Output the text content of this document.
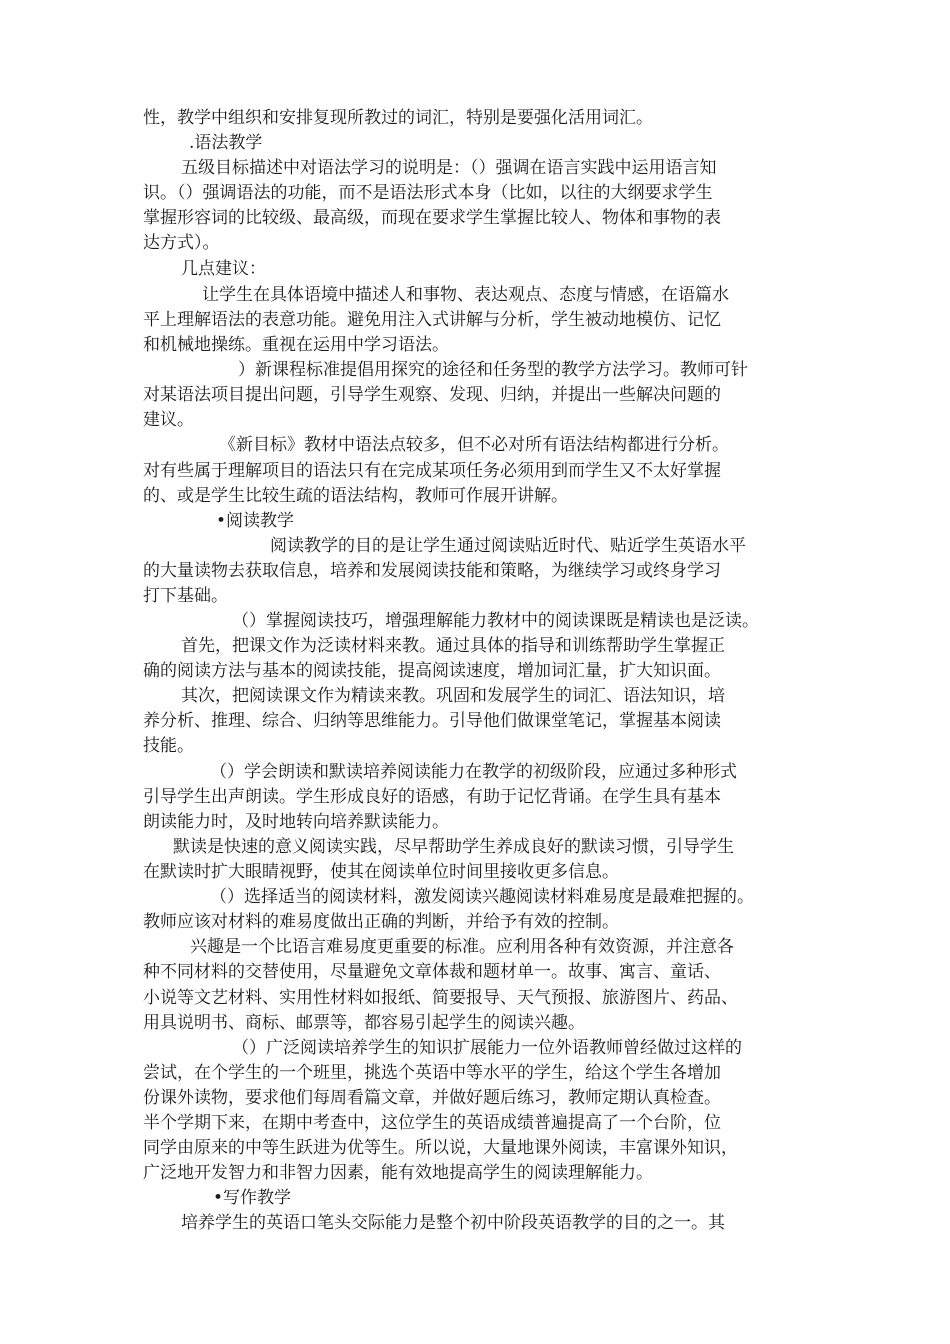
性，教学中组织和安排复现所教过的词汇，特别是要强化活用词汇。
.语法教学
五级目标描述中对语法学习的说明是：（）强调在语言实践中运用语言知
识。（）强调语法的功能，而不是语法形式本身（比如，以往的大纲要求学生
掌握形容词的比较级、最高级，而现在要求学生掌握比较人、物体和事物的表
达方式）。
几点建议：
让学生在具体语境中描述人和事物、表达观点、态度与情感，在语篇水
平上理解语法的表意功能。避免用注入式讲解与分析，学生被动地模仿、记忆
和机械地操练。重视在运用中学习语法。
）新课程标准提倡用探究的途径和任务型的教学方法学习。教师可针
对某语法项目提出问题，引导学生观察、发现、归纳，并提出一些解决问题的
建议。
《新目标》教材中语法点较多，但不必对所有语法结构都进行分析。
对有些属于理解项目的语法只有在完成某项任务必须用到而学生又不太好掌握
的、或是学生比较生疏的语法结构，教师可作展开讲解。
•阅读教学
阅读教学的目的是让学生通过阅读贴近时代、贴近学生英语水平
的大量读物去获取信息，培养和发展阅读技能和策略，为继续学习或终身学习
打下基础。
（）掌握阅读技巧，增强理解能力教材中的阅读课既是精读也是泛读。
首先，把课文作为泛读材料来教。通过具体的指导和训练帮助学生掌握正
确的阅读方法与基本的阅读技能，提高阅读速度，增加词汇量，扩大知识面。
其次，把阅读课文作为精读来教。巩固和发展学生的词汇、语法知识，培
养分析、推理、综合、归纳等思维能力。引导他们做课堂笔记，掌握基本阅读
技能。
（）学会朗读和默读培养阅读能力在教学的初级阶段，应通过多种形式
引导学生出声朗读。学生形成良好的语感，有助于记忆背诵。在学生具有基本
朗读能力时，及时地转向培养默读能力。
默读是快速的意义阅读实践，尽早帮助学生养成良好的默读习惯，引导学生
在默读时扩大眼睛视野，使其在阅读单位时间里接收更多信息。
（）选择适当的阅读材料，激发阅读兴趣阅读材料难易度是最难把握的。
教师应该对材料的难易度做出正确的判断，并给予有效的控制。
兴趣是一个比语言难易度更重要的标准。应利用各种有效资源，并注意各
种不同材料的交替使用，尽量避免文章体裁和题材单一。故事、寓言、童话、
小说等文艺材料、实用性材料如报纸、简要报导、天气预报、旅游图片、药品、
用具说明书、商标、邮票等，都容易引起学生的阅读兴趣。
（）广泛阅读培养学生的知识扩展能力一位外语教师曾经做过这样的
尝试，在个学生的一个班里，挑选个英语中等水平的学生，给这个学生各增加
份课外读物，要求他们每周看篇文章，并做好题后练习，教师定期认真检查。
半个学期下来，在期中考查中，这位学生的英语成绩普遍提高了一个台阶，位
同学由原来的中等生跃进为优等生。所以说，大量地课外阅读，丰富课外知识，
广泛地开发智力和非智力因素，能有效地提高学生的阅读理解能力。
•写作教学
培养学生的英语口笔头交际能力是整个初中阶段英语教学的目的之一。其
